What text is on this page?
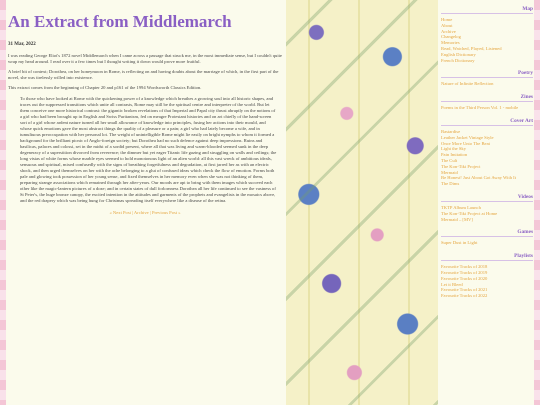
An Extract from Middlemarch
31 Mar, 2022

I was reading George Eliot's 1872 novel Middlemarch when I came across a passage that struck me, in the most immediate sense, but I couldn't quite wrap my head around. I read over it a few times but I thought writing it down would prove more fruitful.

A brief bit of context; Dorothea, on her honeymoon in Rome, is reflecting on and having doubts about the marriage of which, in the first part of the novel, she was tirelessly willed into existence.

This extract comes from the beginning of Chapter 20 and p161 of the 1994 Wordsworth Classics Edition.

To those who have looked at Rome with the quickening power of a knowledge which breathes a growing soul into all historic shapes, and traces out the suppressed transitions which unite all contrasts, Rome may still be the spiritual centre and interpreter of the world. But let them conceive one more historical contrast: the gigantic broken revelations of that Imperial and Papal city thrust abruptly on the notions of a girl who had been brought up in English and Swiss Puritanism, fed on meagre Protestant histories and on art chiefly of the hand-screen sort of a girl whose ardent nature turned all her small allowance of knowledge into principles, fusing her actions into their mould, and whose quick emotions gave the most abstract things the quality of a pleasure or a pain; a girl who had lately become a wife, and in tumultuous preoccupation with her personal lot. The weight of unintelligible Rome might lie easily on bright nymphs to whom it formed a background for the brilliant picnic of Anglo-foreign society; but Dorothea had no such defence against deep impressions. Ruins and basilicas, palaces and colossi, set in the midst of a sordid present, where all that was living and warm-blooded seemed sunk in the deep degeneracy of a superstition divorced from reverence; the dimmer but yet eager Titanic life gazing and struggling on walls and ceilings; the long vistas of white forms whose marble eyes seemed to hold monotonous light of an alien world: all this vast wreck of ambitious ideals, sensuous and spiritual, mixed confusedly with the signs of breathing forgetfulness and degradation, at first jarred her as with an electric shock, and then urged themselves on her with the ache belonging to a glut of confused ideas which check the flow of emotion. Forms both pale and glowing took possession of her young sense, and fixed themselves in her memory even when she was not thinking of them, preparing strange associations which remained through her after-years. Our moods are apt to bring with them images which succeed each other like the magic-lantern pictures of a doze; and in certain states of dull forlornness Dorothea all her life continued to see the vastness of St Peter's, the huge bronze canopy, the excited intention in the attitudes and garments of the prophets and evangelists in the mosaics above, and the red drapery which was being hung for Christmas spreading itself everywhere like a disease of the retina.

« Next Post | Archive | Previous Post »
Map
Home
About
Archive
Changelog
Memories
Read, Watched, Played, Listened
English Dictionary
French Dictionary
Poetry
Nature of Infinite Reflection
Zines
Poems in the Third Person Vol. 1 - mobile
Cover Art
Bastardise
Leather Jacket Vintage Style
Once More Unto The Beat
Light the Sky
Pain Imitation
The Cult
The Kon-Tiki Project
Mermaid
Be Honest! Just About Got Away With It
The Dims
Videos
TKTP Album Launch
The Kon-Tiki Project at Home
Mermaid – [MV]
Games
Super Dust in Light
Playlists
Favourite Tracks of 2018
Favourite Tracks of 2019
Favourite Tracks of 2020
Let it Bleed
Favourite Tracks of 2021
Favourite Tracks of 2022
